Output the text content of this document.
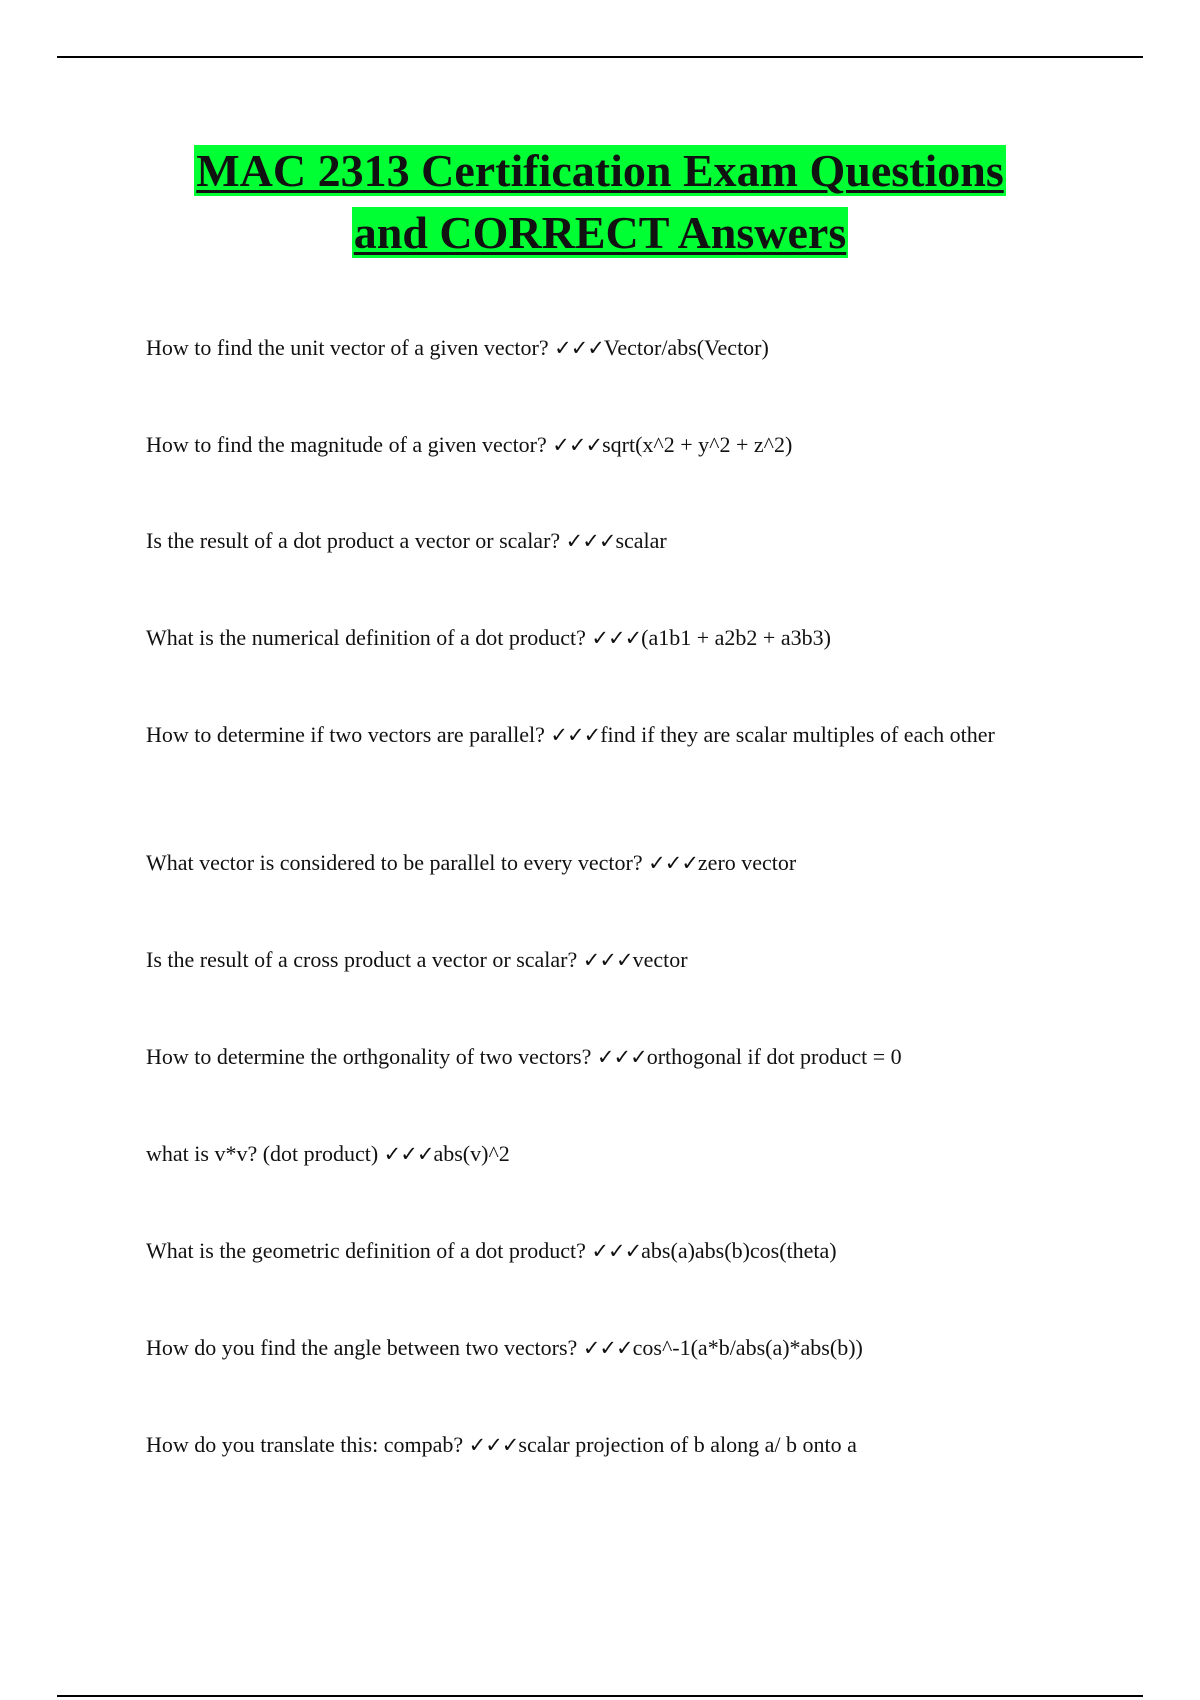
MAC 2313 Certification Exam Questions
and CORRECT Answers
How to find the unit vector of a given vector? ✓✓✓Vector/abs(Vector)
How to find the magnitude of a given vector? ✓✓✓sqrt(x^2 + y^2 + z^2)
Is the result of a dot product a vector or scalar? ✓✓✓scalar
What is the numerical definition of a dot product? ✓✓✓(a1b1 + a2b2 + a3b3)
How to determine if two vectors are parallel? ✓✓✓find if they are scalar multiples of each other
What vector is considered to be parallel to every vector? ✓✓✓zero vector
Is the result of a cross product a vector or scalar? ✓✓✓vector
How to determine the orthgonality of two vectors? ✓✓✓orthogonal if dot product = 0
what is v*v? (dot product) ✓✓✓abs(v)^2
What is the geometric definition of a dot product? ✓✓✓abs(a)abs(b)cos(theta)
How do you find the angle between two vectors? ✓✓✓cos^-1(a*b/abs(a)*abs(b))
How do you translate this: compab? ✓✓✓scalar projection of b along a/ b onto a
